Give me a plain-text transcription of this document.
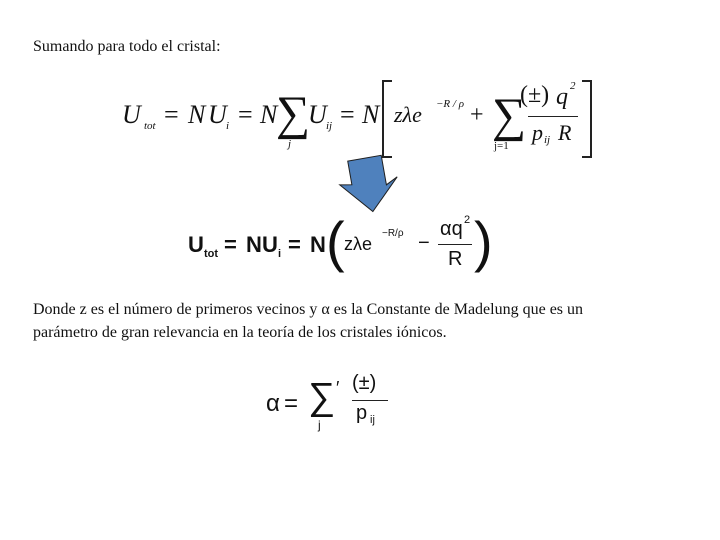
Sumando para todo el cristal:
U tot = N U i = N
∑
j
U ij = N zλe −R / ρ + ∑
j=1
(±) q 2
p ij R
U tot = N U i = N ( zλe
−R/ρ −
αq 2
R )
Donde z es el número de primeros vecinos y α es la Constante de Madelung que es un
parámetro de gran relevancia en la teoría de los cristales iónicos.
α = ∑ ′
j
(±)
p ij
